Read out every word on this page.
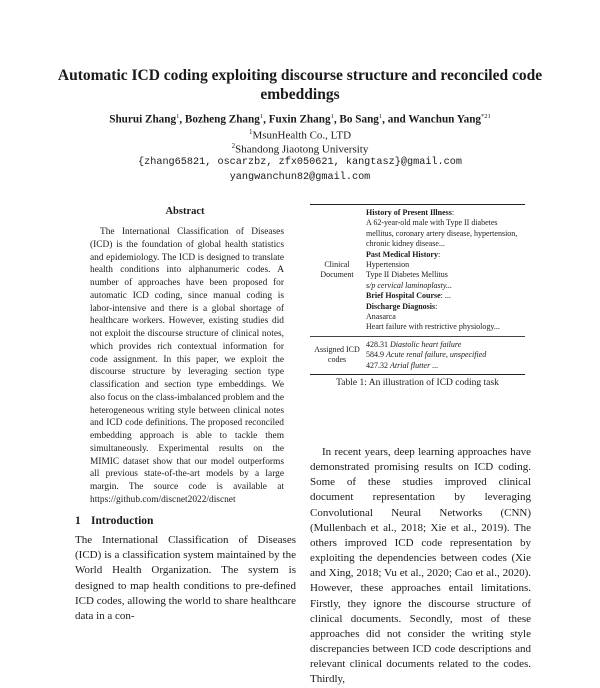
Automatic ICD coding exploiting discourse structure and reconciled code embeddings
Shurui Zhang$^1$, Bozheng Zhang$^1$, Fuxin Zhang$^1$, Bo Sang$^1$, and Wanchun Yang$^{*21}$
$^1$MsunHealth Co., LTD
$^2$Shandong Jiaotong University
{zhang65821, oscarzbz, zfx050621, kangtasz}@gmail.com
yangwanchun82@gmail.com
Abstract
The International Classification of Diseases (ICD) is the foundation of global health statistics and epidemiology. The ICD is designed to translate health conditions into alphanumeric codes. A number of approaches have been proposed for automatic ICD coding, since manual coding is labor-intensive and there is a global shortage of healthcare workers. However, existing studies did not exploit the discourse structure of clinical notes, which provides rich contextual information for code assignment. In this paper, we exploit the discourse structure by leveraging section type classification and section type embeddings. We also focus on the class-imbalanced problem and the heterogeneous writing style between clinical notes and ICD code definitions. The proposed reconciled embedding approach is able to tackle them simultaneously. Experimental results on the MIMIC dataset show that our model outperforms all previous state-of-the-art models by a large margin. The source code is available at https://github.com/discnet2022/discnet
1 Introduction
The International Classification of Diseases (ICD) is a classification system maintained by the World Health Organization. The system is designed to map health conditions to pre-defined ICD codes, allowing the world to share healthcare data in a con-
Clinical Document
History of Present Illness:
A 62-year-old male with Type II diabetes mellitus, coronary artery disease, hypertension, chronic kidney disease...
Past Medical History:
Hypertension
Type II Diabetes Mellitus
s/p cervical laminoplasty...
Brief Hospital Course: ...
Discharge Diagnosis:
Anasarca
Heart failure with restrictive physiology...
Assigned ICD codes
428.31 Diastolic heart failure
584.9 Acute renal failure, unspecified
427.32 Atrial flutter ...
Table 1: An illustration of ICD coding task
In recent years, deep learning approaches have demonstrated promising results on ICD coding. Some of these studies improved clinical document representation by leveraging Convolutional Neural Networks (CNN) (Mullenbach et al., 2018; Xie et al., 2019). The others improved ICD code representation by exploiting the dependencies between codes (Xie and Xing, 2018; Vu et al., 2020; Cao et al., 2020). However, these approaches entail limitations. Firstly, they ignore the discourse structure of clinical documents. Secondly, most of these approaches did not consider the writing style discrepancies between ICD code descriptions and relevant clinical documents related to the codes. Thirdly,
